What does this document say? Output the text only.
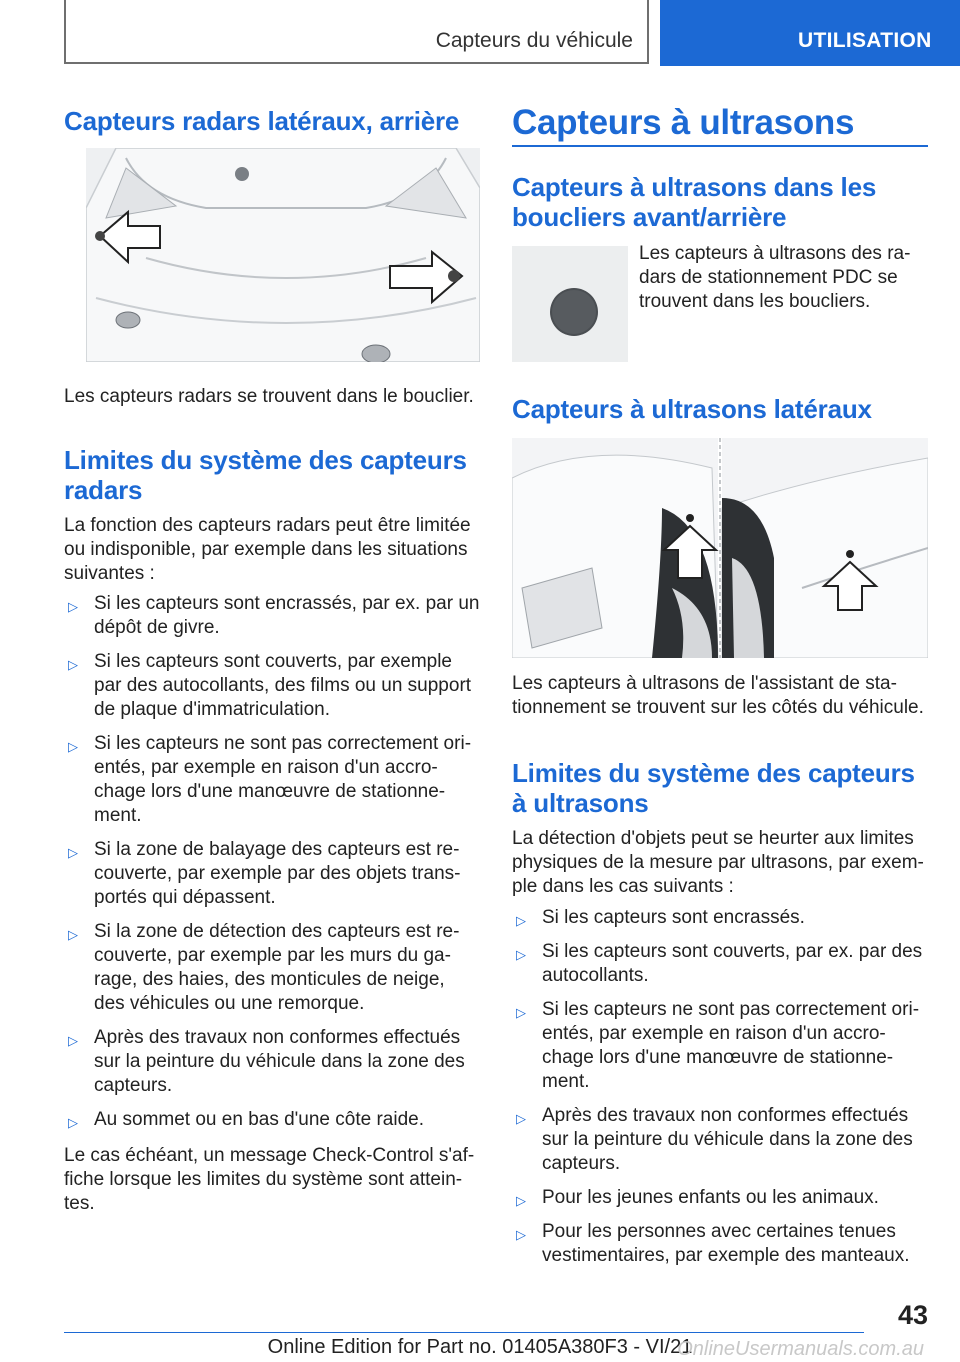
Capteurs du véhicule	UTILISATION
Capteurs radars latéraux, arrière

Les capteurs radars se trouvent dans le bouclier.

Limites du système des capteurs radars

La fonction des capteurs radars peut être limitée ou indisponible, par exemple dans les situations suivantes :

▷ Si les capteurs sont encrassés, par ex. par un dépôt de givre.
▷ Si les capteurs sont couverts, par exemple par des autocollants, des films ou un support de plaque d'immatriculation.
▷ Si les capteurs ne sont pas correctement orientés, par exemple en raison d'un accrochage lors d'une manœuvre de stationnement.
▷ Si la zone de balayage des capteurs est recouverte, par exemple par des objets transportés qui dépassent.
▷ Si la zone de détection des capteurs est recouverte, par exemple par les murs du garage, des haies, des monticules de neige, des véhicules ou une remorque.
▷ Après des travaux non conformes effectués sur la peinture du véhicule dans la zone des capteurs.
▷ Au sommet ou en bas d'une côte raide.

Le cas échéant, un message Check-Control s'affiche lorsque les limites du système sont atteintes.

Capteurs à ultrasons
Capteurs à ultrasons dans les boucliers avant/arrière

Les capteurs à ultrasons des radars de stationnement PDC se trouvent dans les boucliers.

Capteurs à ultrasons latéraux

Les capteurs à ultrasons de l'assistant de stationnement se trouvent sur les côtés du véhicule.

Limites du système des capteurs à ultrasons

La détection d'objets peut se heurter aux limites physiques de la mesure par ultrasons, par exemple dans les cas suivants :

▷ Si les capteurs sont encrassés.
▷ Si les capteurs sont couverts, par ex. par des autocollants.
▷ Si les capteurs ne sont pas correctement orientés, par exemple en raison d'un accrochage lors d'une manœuvre de stationnement.
▷ Après des travaux non conformes effectués sur la peinture du véhicule dans la zone des capteurs.
▷ Pour les jeunes enfants ou les animaux.
▷ Pour les personnes avec certaines tenues vestimentaires, par exemple des manteaux.
43
Online Edition for Part no. 01405A380F3 - VI/21
OnlineUsermanuals.com.au
